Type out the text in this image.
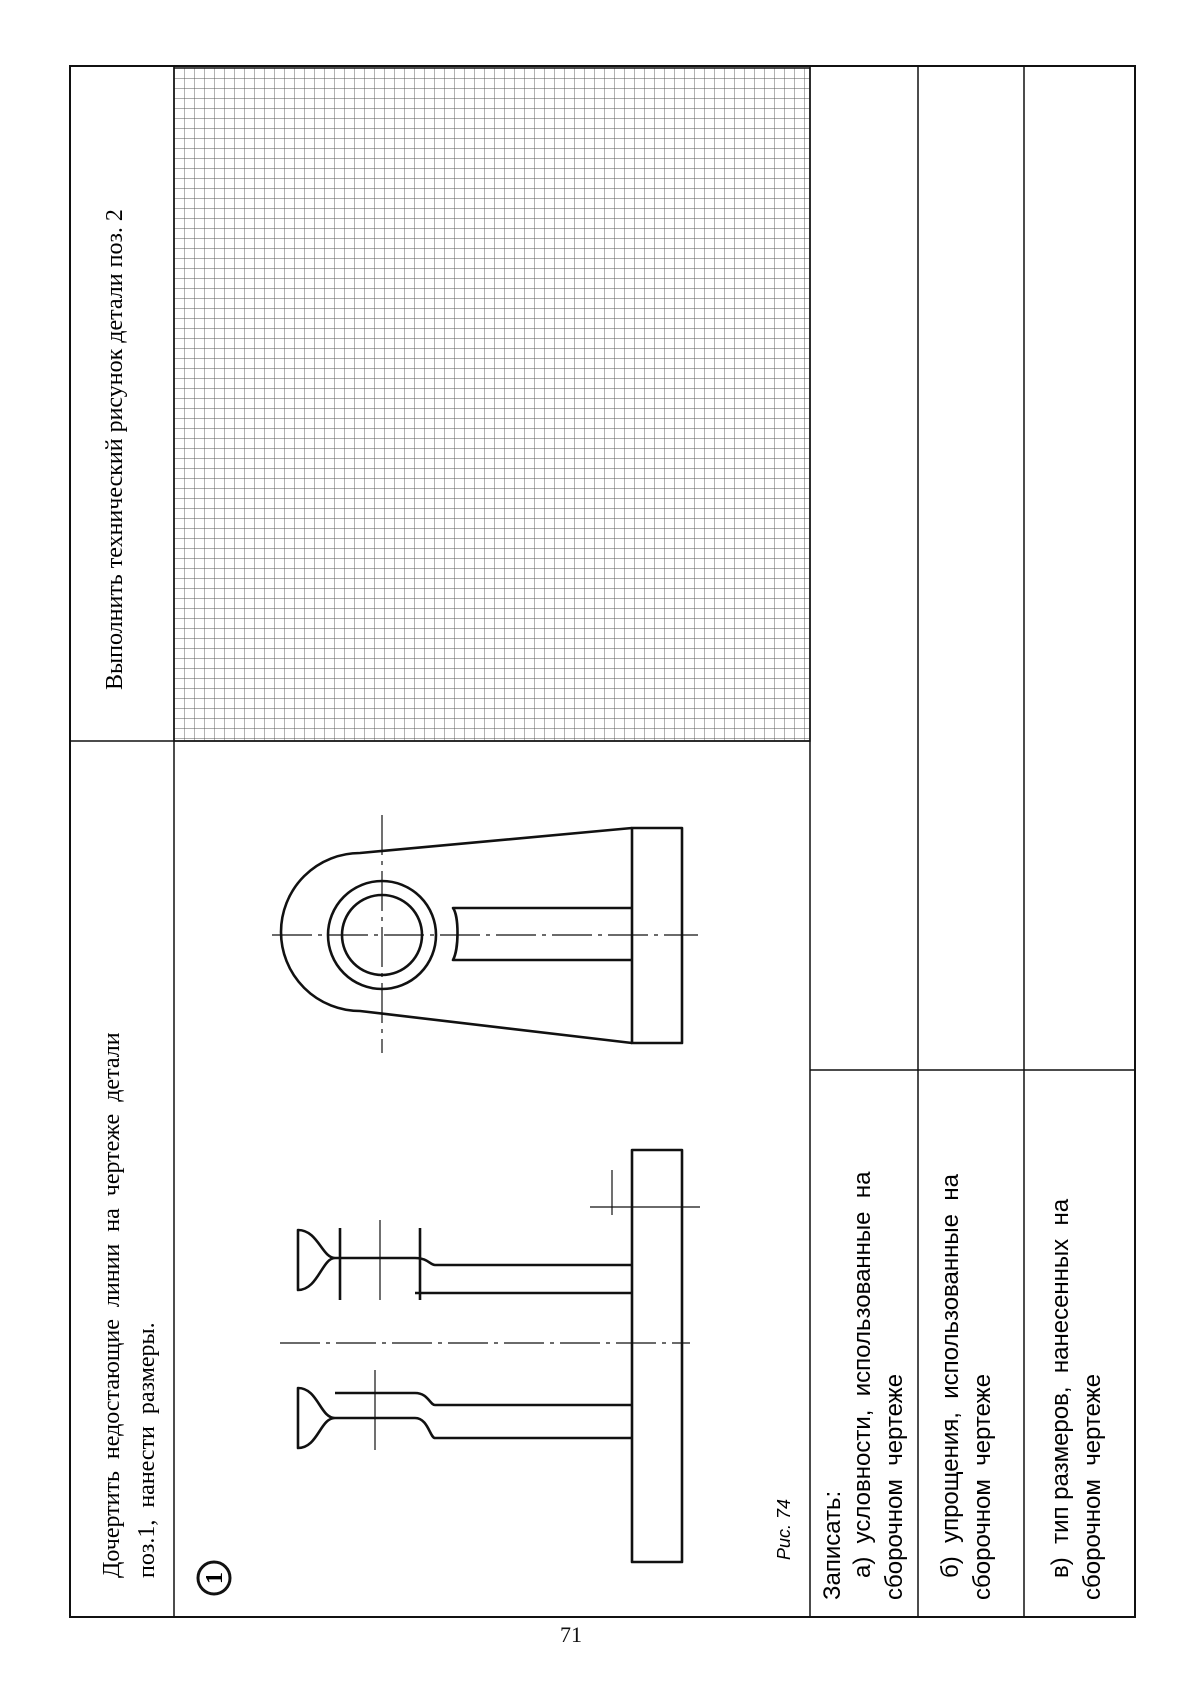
Выполнить технический рисунок детали поз. 2
Дочертить  недостающие  линии  на  чертеже  детали поз.1,  нанести  размеры. 1
Рис. 74 Записать: а)  условности,  использованные  на сборочном  чертеже б)  упрощения,  использованные  на сборочном  чертеже в)  тип размеров,  нанесенных  на сборочном  чертеже
71
